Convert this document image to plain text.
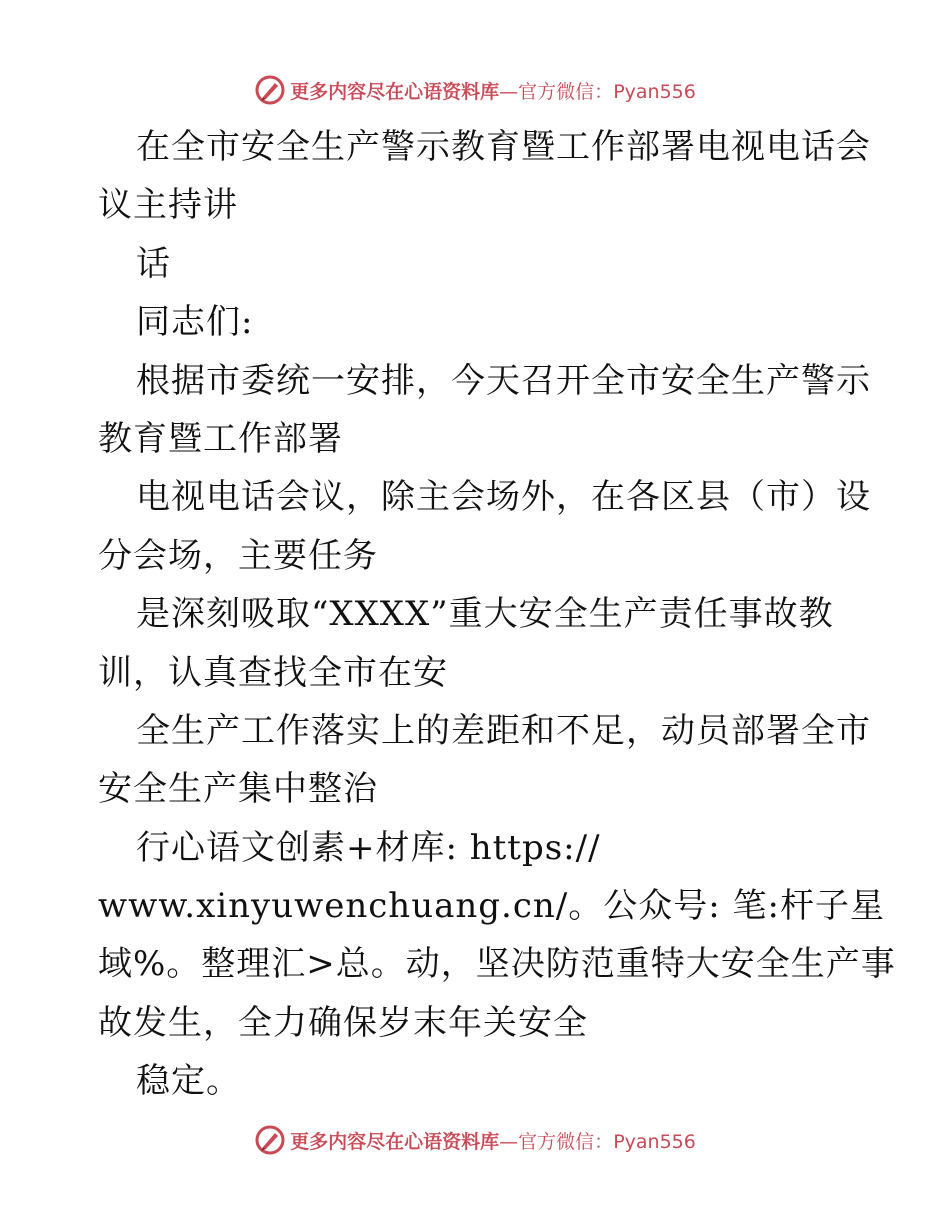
更多内容尽在心语资料库—官方微信：Pyan556
在全市安全生产警示教育暨工作部署电视电话会
议主持讲
话
同志们:
根据市委统一安排，今天召开全市安全生产警示
教育暨工作部署
电视电话会议，除主会场外，在各区县（市）设
分会场，主要任务
是深刻吸取“XXXX”重大安全生产责任事故教
训，认真查找全市在安
全生产工作落实上的差距和不足，动员部署全市
安全生产集中整治
行心语文创素+材库: https://
www.xinyuwenchuang.cn/。公众号: 笔:杆子星
域%。整理汇>总。动，坚决防范重特大安全生产事
故发生，全力确保岁末年关安全
稳定。
更多内容尽在心语资料库—官方微信：Pyan556
